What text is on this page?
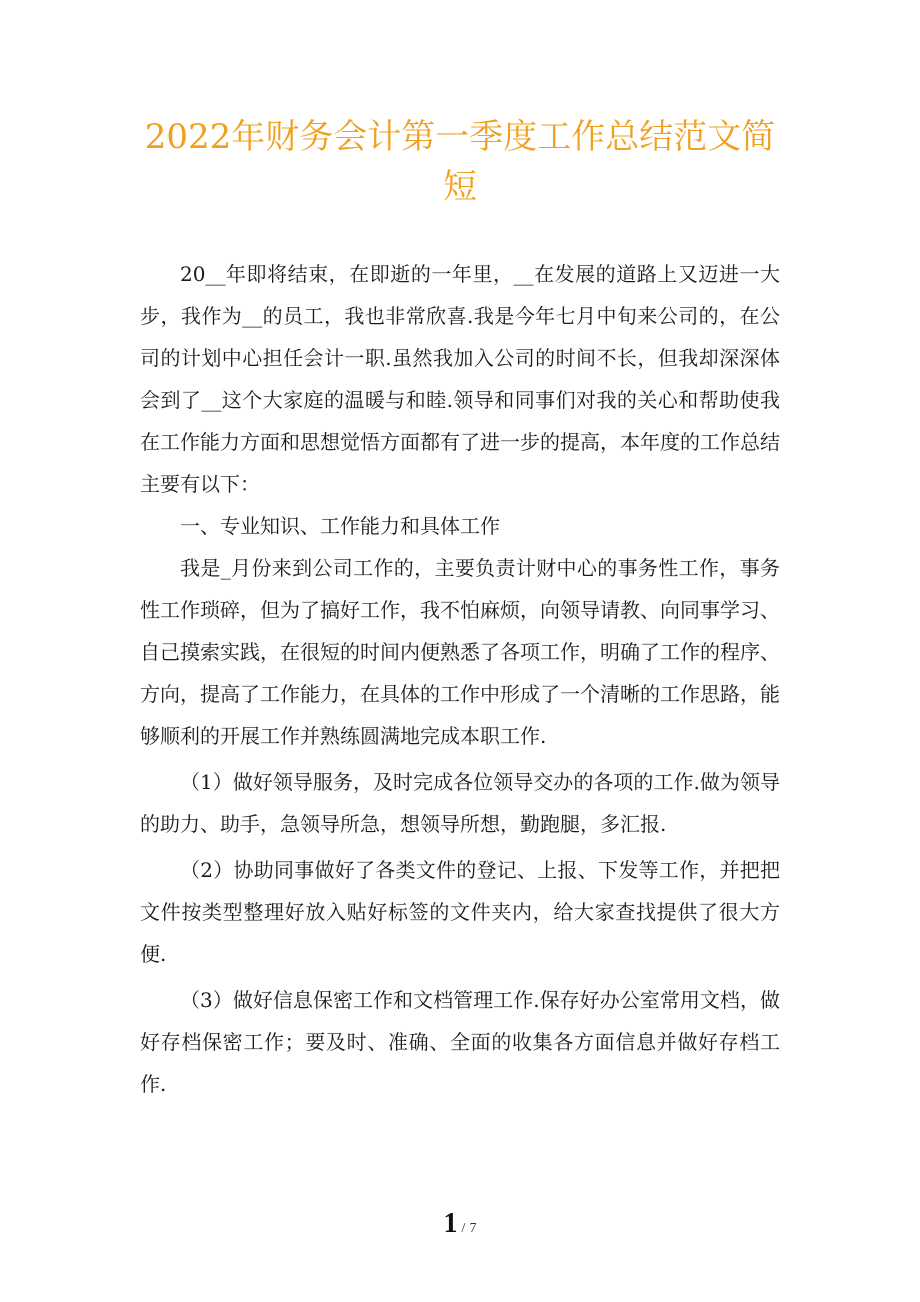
2022年财务会计第一季度工作总结范文简短

20__年即将结束，在即逝的一年里，__在发展的道路上又迈进一大步，我作为__的员工，我也非常欣喜.我是今年七月中旬来公司的，在公司的计划中心担任会计一职.虽然我加入公司的时间不长，但我却深深体会到了__这个大家庭的温暖与和睦.领导和同事们对我的关心和帮助使我在工作能力方面和思想觉悟方面都有了进一步的提高，本年度的工作总结主要有以下：

一、专业知识、工作能力和具体工作

我是_月份来到公司工作的，主要负责计财中心的事务性工作，事务性工作琐碎，但为了搞好工作，我不怕麻烦，向领导请教、向同事学习、自己摸索实践，在很短的时间内便熟悉了各项工作，明确了工作的程序、方向，提高了工作能力，在具体的工作中形成了一个清晰的工作思路，能够顺利的开展工作并熟练圆满地完成本职工作.

（1）做好领导服务，及时完成各位领导交办的各项的工作.做为领导的助力、助手，急领导所急，想领导所想，勤跑腿，多汇报.

（2）协助同事做好了各类文件的登记、上报、下发等工作，并把把文件按类型整理好放入贴好标签的文件夹内，给大家查找提供了很大方便.

（3）做好信息保密工作和文档管理工作.保存好办公室常用文档，做好存档保密工作；要及时、准确、全面的收集各方面信息并做好存档工作.

1 / 7
